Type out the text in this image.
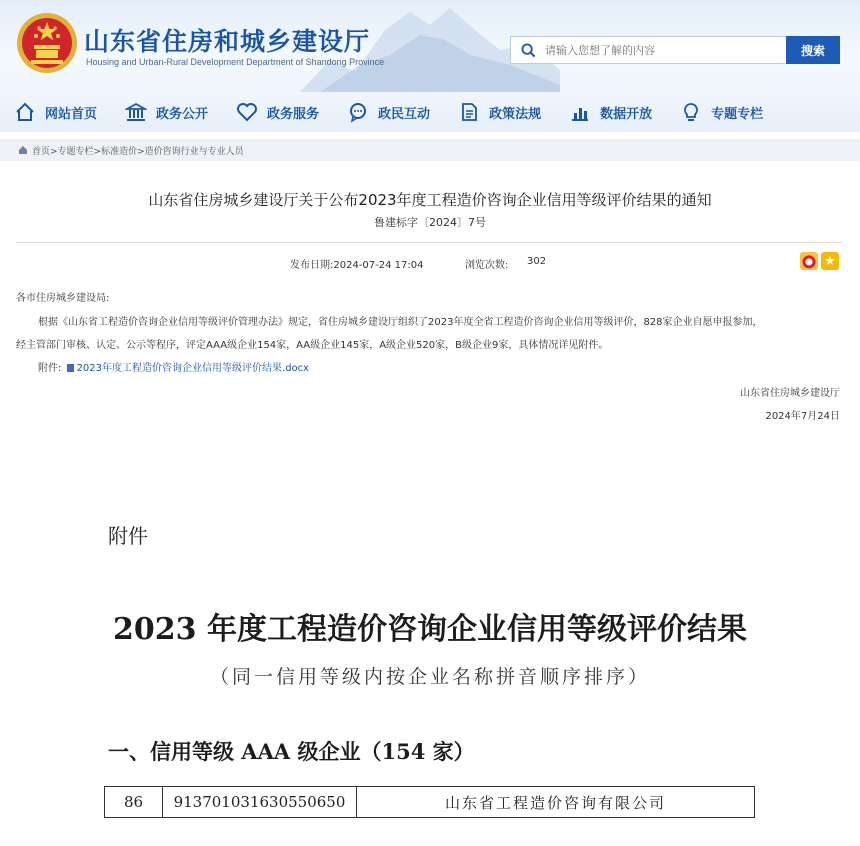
山东省住房和城乡建设厅
Housing and Urban-Rural Development Department of Shandong Province
请输入您想了解的内容
搜索
网站首页	政务公开	政务服务	政民互动	政策法规	数据开放	专题专栏
首页>专题专栏>标准造价>造价咨询行业与专业人员
山东省住房城乡建设厅关于公布2023年度工程造价咨询企业信用等级评价结果的通知
鲁建标字〔2024〕7号
发布日期:2024-07-24 17:04	浏览次数:	302	★
各市住房城乡建设局:
根据《山东省工程造价咨询企业信用等级评价管理办法》规定，省住房城乡建设厅组织了2023年度全省工程造价咨询企业信用等级评价，828家企业自愿申报参加，
经主管部门审核、认定、公示等程序，评定AAA级企业154家，AA级企业145家，A级企业520家，B级企业9家，具体情况详见附件。
附件: 2023年度工程造价咨询企业信用等级评价结果.docx
山东省住房城乡建设厅
2024年7月24日
附件
2023 年度工程造价咨询企业信用等级评价结果
（同一信用等级内按企业名称拼音顺序排序）
一、信用等级 AAA 级企业（154 家）
86	913701031630550650	山东省工程造价咨询有限公司
